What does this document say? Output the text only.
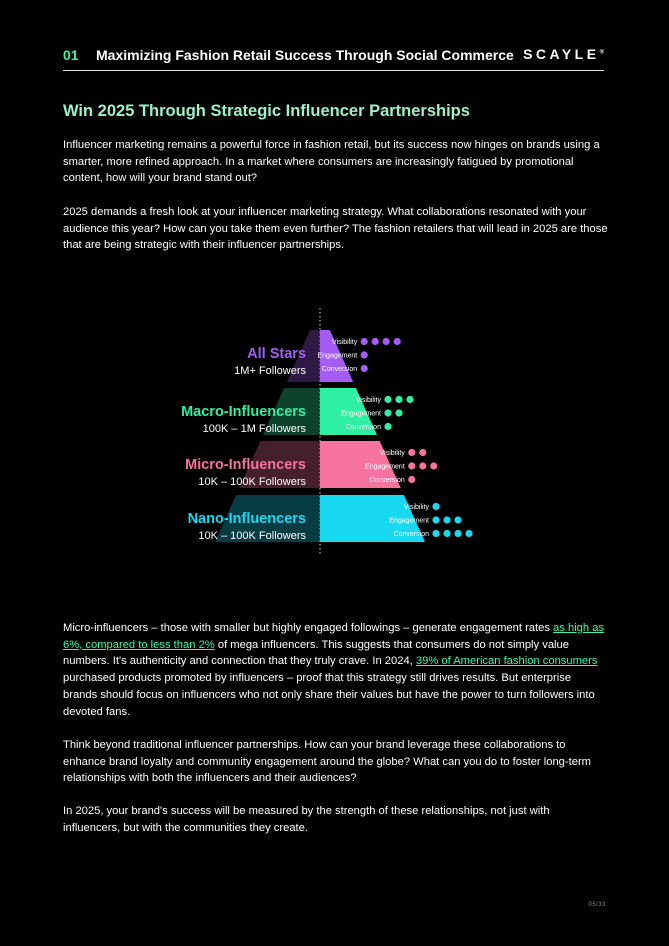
01 Maximizing Fashion Retail Success Through Social Commerce SCAYLE®
Win 2025 Through Strategic Influencer Partnerships

Influencer marketing remains a powerful force in fashion retail, but its success now hinges on brands using a smarter, more refined approach. In a market where consumers are increasingly fatigued by promotional content, how will your brand stand out?

2025 demands a fresh look at your influencer marketing strategy. What collaborations resonated with your audience this year? How can you take them even further? The fashion retailers that will lead in 2025 are those that are being strategic with their influencer partnerships.

All Stars
1M+ Followers
Visibility
Engagement
Conversion
Macro-Influencers
100K – 1M Followers
Visibility
Engagement
Conversion
Micro-Influencers
10K – 100K Followers
Visibility
Engagement
Conversion
Nano-Influencers
10K – 100K Followers
Visibility
Engagement
Conversion

Micro-influencers – those with smaller but highly engaged followings – generate engagement rates as high as 6%, compared to less than 2% of mega influencers. This suggests that consumers do not simply value numbers. It's authenticity and connection that they truly crave. In 2024, 39% of American fashion consumers purchased products promoted by influencers – proof that this strategy still drives results. But enterprise brands should focus on influencers who not only share their values but have the power to turn followers into devoted fans.

Think beyond traditional influencer partnerships. How can your brand leverage these collaborations to enhance brand loyalty and community engagement around the globe? What can you do to foster long-term relationships with both the influencers and their audiences?

In 2025, your brand's success will be measured by the strength of these relationships, not just with influencers, but with the communities they create.

05/33
